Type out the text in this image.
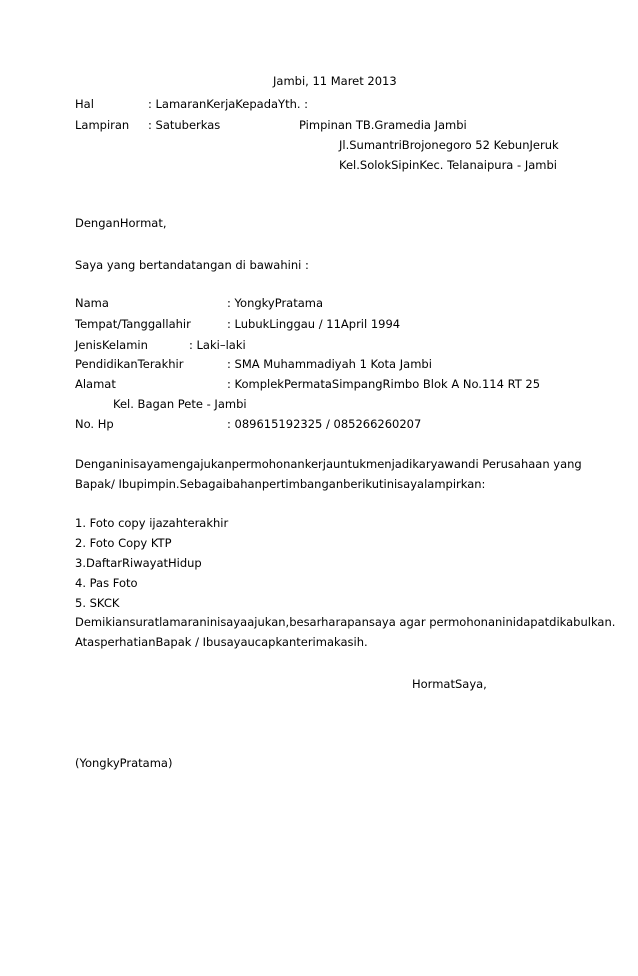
Jambi, 11 Maret 2013
Hal	: LamaranKerjaKepadaYth. :
Lampiran : Satuberkas	Pimpinan TB.Gramedia Jambi
Jl.SumantriBrojonegoro 52 KebunJeruk
Kel.SolokSipinKec. Telanaipura - Jambi
DenganHormat,
Saya yang bertandatangan di bawahini :
Nama	: YongkyPratama
Tempat/Tanggallahir	: LubukLinggau / 11April 1994
JenisKelamin	: Laki–laki
PendidikanTerakhir	: SMA Muhammadiyah 1 Kota Jambi
Alamat	: KomplekPermataSimpangRimbo Blok A No.114 RT 25
Kel. Bagan Pete - Jambi
No. Hp	: 089615192325 / 085266260207
Denganinisayamengajukanpermohonankerjauntukmenjadikaryawandi Perusahaan yang
Bapak/ Ibupimpin.Sebagaibahanpertimbanganberikutinisayalampirkan:
1. Foto copy ijazahterakhir
2. Foto Copy KTP
3.DaftarRiwayatHidup
4. Pas Foto
5. SKCK
Demikiansuratlamaraninisayaajukan,besarharapansaya agar permohonaninidapatdikabulkan.
AtasperhatianBapak / Ibusayaucapkanterimakasih.
HormatSaya,
(YongkyPratama)
